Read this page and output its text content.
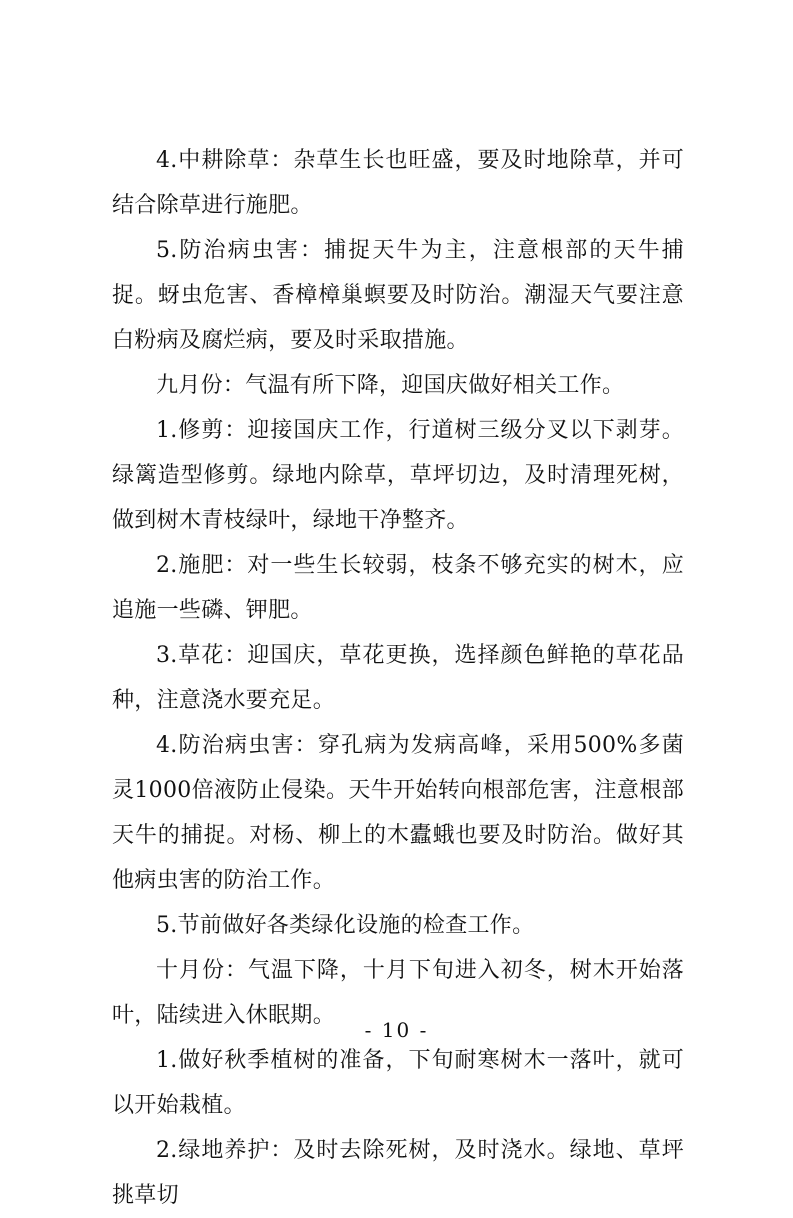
4.中耕除草：杂草生长也旺盛，要及时地除草，并可结合除草进行施肥。

5.防治病虫害：捕捉天牛为主，注意根部的天牛捕捉。蚜虫危害、香樟樟巢螟要及时防治。潮湿天气要注意白粉病及腐烂病，要及时采取措施。

九月份：气温有所下降，迎国庆做好相关工作。

1.修剪：迎接国庆工作，行道树三级分叉以下剥芽。绿篱造型修剪。绿地内除草，草坪切边，及时清理死树，做到树木青枝绿叶，绿地干净整齐。

2.施肥：对一些生长较弱，枝条不够充实的树木，应追施一些磷、钾肥。

3.草花：迎国庆，草花更换，选择颜色鲜艳的草花品种，注意浇水要充足。

4.防治病虫害：穿孔病为发病高峰，采用500%多菌灵1000倍液防止侵染。天牛开始转向根部危害，注意根部天牛的捕捉。对杨、柳上的木蠹蛾也要及时防治。做好其他病虫害的防治工作。

5.节前做好各类绿化设施的检查工作。

十月份：气温下降，十月下旬进入初冬，树木开始落叶，陆续进入休眠期。

1.做好秋季植树的准备，下旬耐寒树木一落叶，就可以开始栽植。

2.绿地养护：及时去除死树，及时浇水。绿地、草坪挑草切

- 10 -
